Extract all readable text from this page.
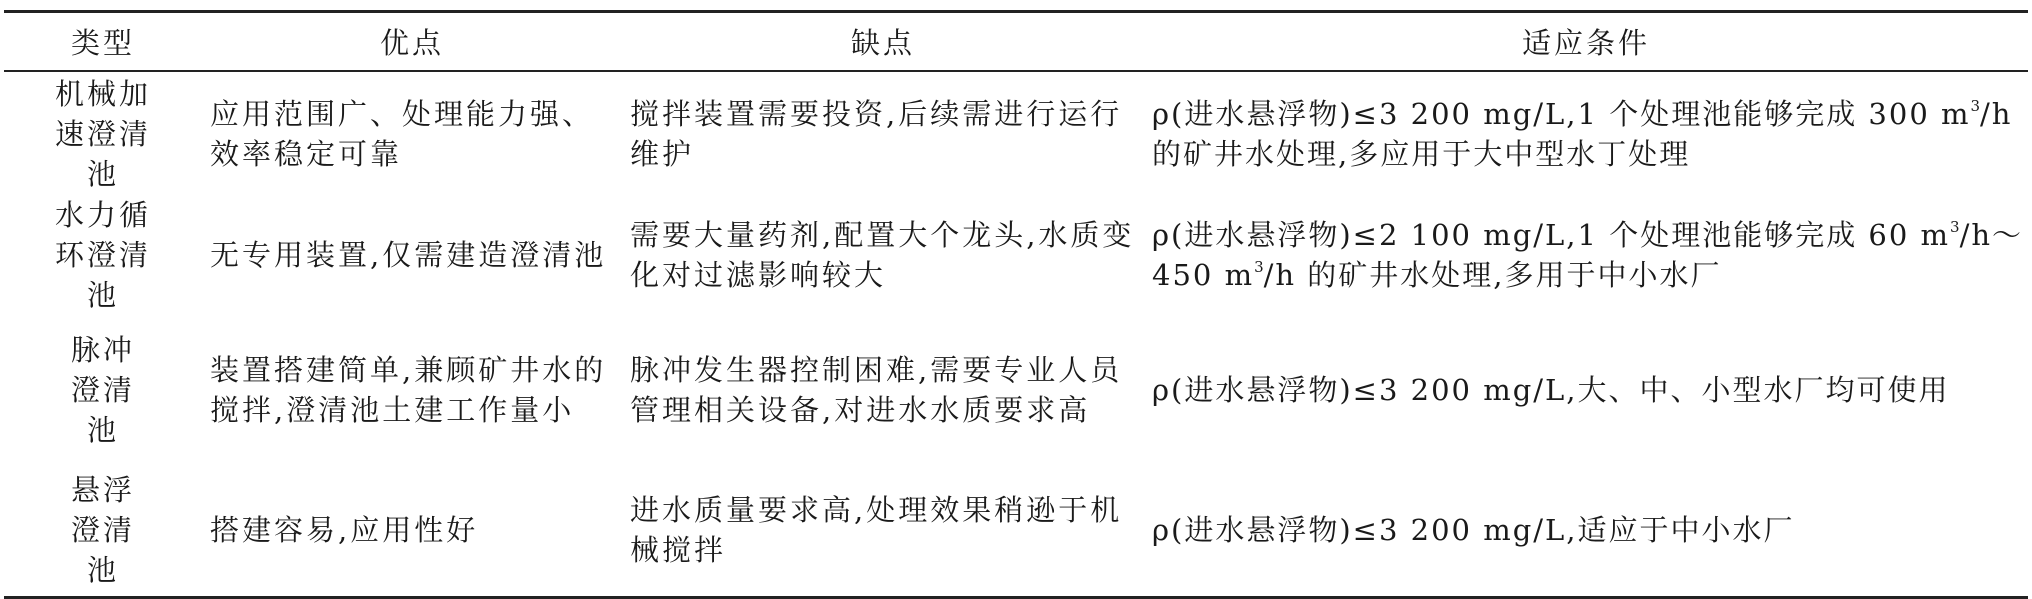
类型	优点	缺点	适应条件

机械加速澄清池	应用范围广、处理能力强、效率稳定可靠	搅拌装置需要投资,后续需进行运行维护	ρ(进水悬浮物)≤3 200 mg/L,1 个处理池能够完成 300 $m^3/h$ 的矿井水处理,多应用于大中型水丁处理

水力循环澄清池	无专用装置,仅需建造澄清池	需要大量药剂,配置大个龙头,水质变化对过滤影响较大	ρ(进水悬浮物)≤2 100 mg/L,1 个处理池能够完成 60 $m^3/h\sim 450$ $m^3/h$ 的矿井水处理,多用于中小水厂

脉冲澄清池	装置搭建简单,兼顾矿井水的搅拌,澄清池土建工作量小	脉冲发生器控制困难,需要专业人员管理相关设备,对进水水质要求高	ρ(进水悬浮物)≤3 200 mg/L,大、中、小型水厂均可使用

悬浮澄清池	搭建容易,应用性好	进水质量要求高,处理效果稍逊于机械搅拌	ρ(进水悬浮物)≤3 200 mg/L,适应于中小水厂
